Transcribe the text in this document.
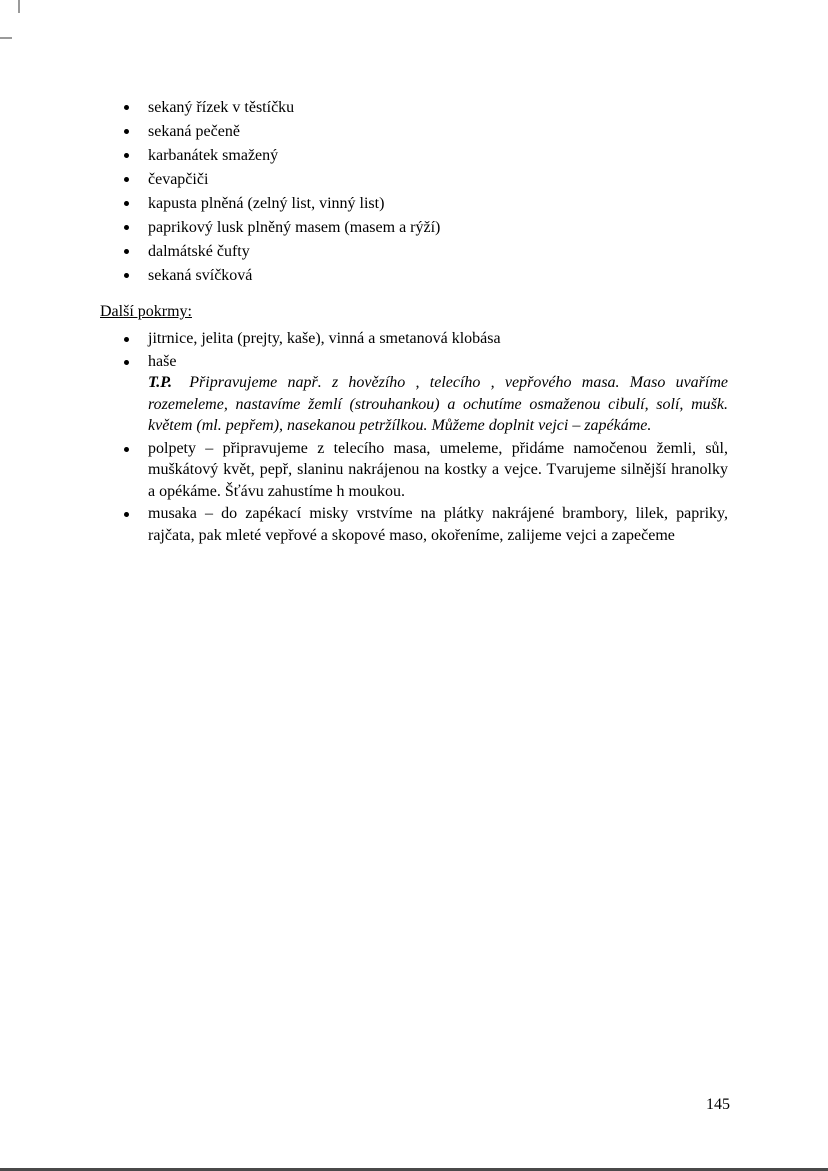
sekaný řízek v těstíčku
sekaná pečeně
karbanátek smažený
čevapčiči
kapusta plněná (zelný list, vinný list)
paprikový lusk plněný masem (masem a rýží)
dalmátské čufty
sekaná svíčková
Další pokrmy:
jitrnice, jelita (prejty, kaše), vinná a smetanová klobása
haše
T.P. Připravujeme např. z hovězího , telecího , vepřového masa. Maso uvaříme rozemeleme, nastavíme žemlí (strouhankou) a ochutíme osmaženou cibulí, solí, mušk. květem (ml. pepřem), nasekanou petržílkou. Můžeme doplnit vejci – zapékáme.
polpety – připravujeme z telecího masa, umeleme, přidáme namočenou žemli, sůl, muškátový květ, pepř, slaninu nakrájenou na kostky a vejce. Tvarujeme silnější hranolky a opékáme. Šťávu zahustíme h moukou.
musaka – do zapékací misky vrstvíme na plátky nakrájené brambory, lilek, papriky, rajčata, pak mleté vepřové a skopové maso, okořeníme, zalijeme vejci a zapečeme
145
